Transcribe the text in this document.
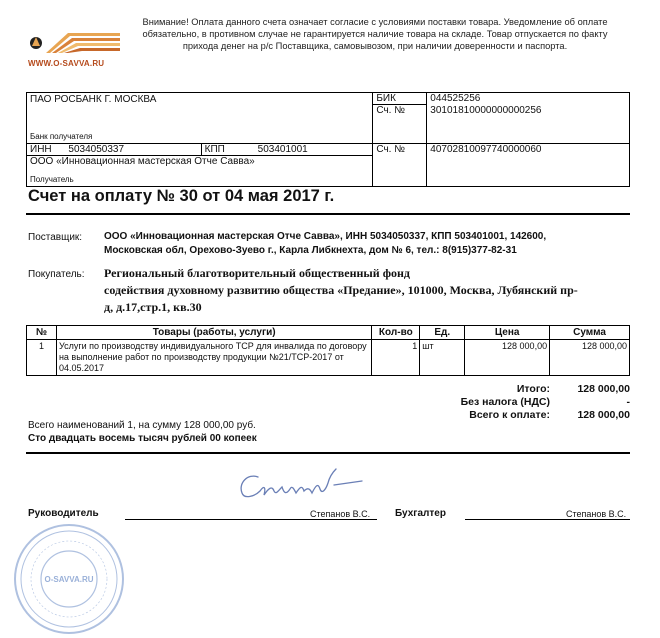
WWW.O-SAVVA.RU
Внимание! Оплата данного счета означает согласие с условиями поставки товара. Уведомление об оплате обязательно, в противном случае не гарантируется наличие товара на складе. Товар отпускается по факту прихода денег на р/с Поставщика, самовывозом, при наличии доверенности и паспорта.
ПАО РОСБАНК Г. МОСКВА		БИК	044525256
		Сч. №	30101810000000000256
Банк получателя			
ИНН 5034050337	КПП 503401001	Сч. №	40702810097740000060

ООО «Инновационная мастерская Отче Савва»
Получатель			
Счет на оплату № 30 от 04 мая 2017 г.
Поставщик: ООО «Инновационная мастерская Отче Савва», ИНН 5034050337, КПП 503401001, 142600,
Московская обл, Орехово-Зуево г., Карла Либкнехта, дом № 6, тел.: 8(915)377-82-31
Покупатель: Региональный благотворительный общественный фонд
содействия духовному развитию общества «Предание», 101000, Москва, Лубянский пр-
д, д.17,стр.1, кв.30
№	Товары (работы, услуги)	Кол-во	Ед.	Цена	Сумма
1	Услуги по производству индивидуального ТСР для инвалида по договору на выполнение работ по производству продукции №21/ТСР-2017 от 04.05.2017	1	шт	128 000,00	128 000,00
Итого:	128 000,00
Без налога (НДС)	-
Всего к оплате:	128 000,00
Всего наименований 1, на сумму 128 000,00 руб.
Сто двадцать восемь тысяч рублей 00 копеек
Руководитель	Степанов В.С. Бухгалтер	Степанов В.С.
O-SAVVA.RU
